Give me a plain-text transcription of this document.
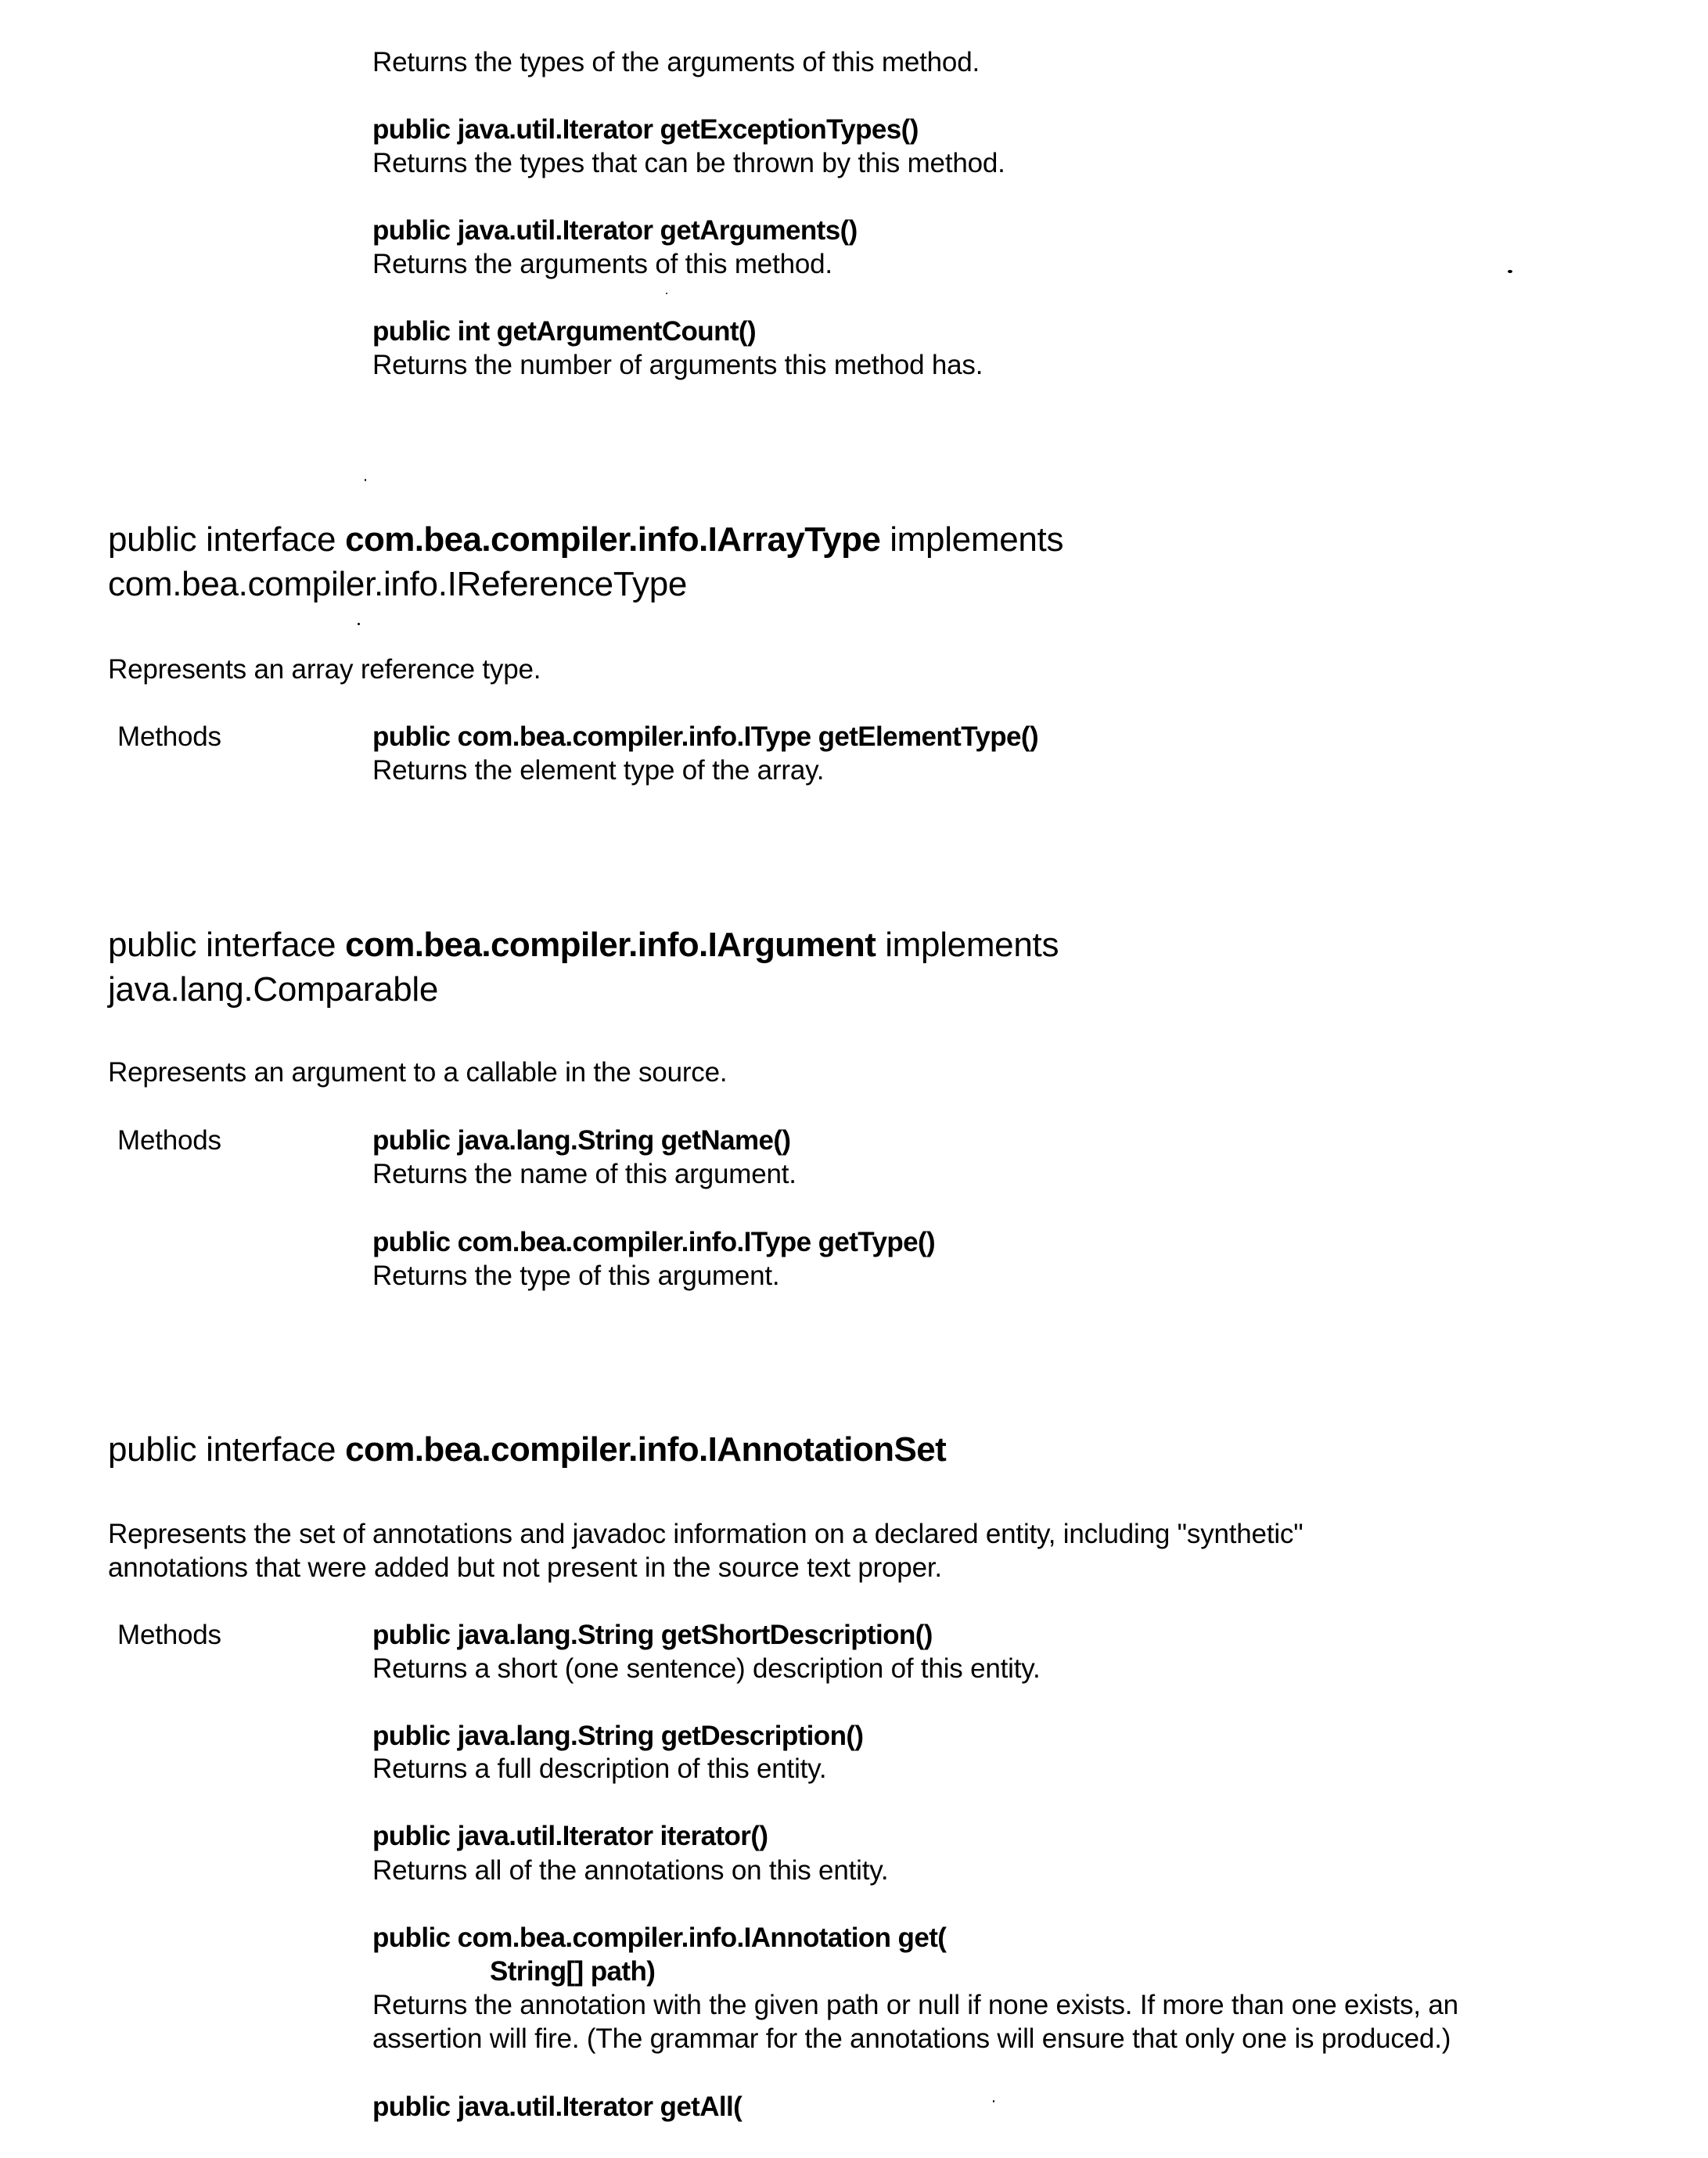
Returns the types of the arguments of this method.
public java.util.Iterator getExceptionTypes()
Returns the types that can be thrown by this method.
public java.util.Iterator getArguments()
Returns the arguments of this method.
public int getArgumentCount()
Returns the number of arguments this method has.
public interface com.bea.compiler.info.IArrayType implements
com.bea.compiler.info.IReferenceType
Represents an array reference type.
Methods	public com.bea.compiler.info.IType getElementType()
Returns the element type of the array.
public interface com.bea.compiler.info.IArgument implements
java.lang.Comparable
Represents an argument to a callable in the source.
Methods	public java.lang.String getName()
Returns the name of this argument.
public com.bea.compiler.info.IType getType()
Returns the type of this argument.
public interface com.bea.compiler.info.IAnnotationSet
Represents the set of annotations and javadoc information on a declared entity, including "synthetic"
annotations that were added but not present in the source text proper.
Methods	public java.lang.String getShortDescription()
Returns a short (one sentence) description of this entity.
public java.lang.String getDescription()
Returns a full description of this entity.
public java.util.Iterator iterator()
Returns all of the annotations on this entity.
public com.bea.compiler.info.IAnnotation get(
String[] path)
Returns the annotation with the given path or null if none exists. If more than one exists, an
assertion will fire. (The grammar for the annotations will ensure that only one is produced.)
public java.util.Iterator getAll(
